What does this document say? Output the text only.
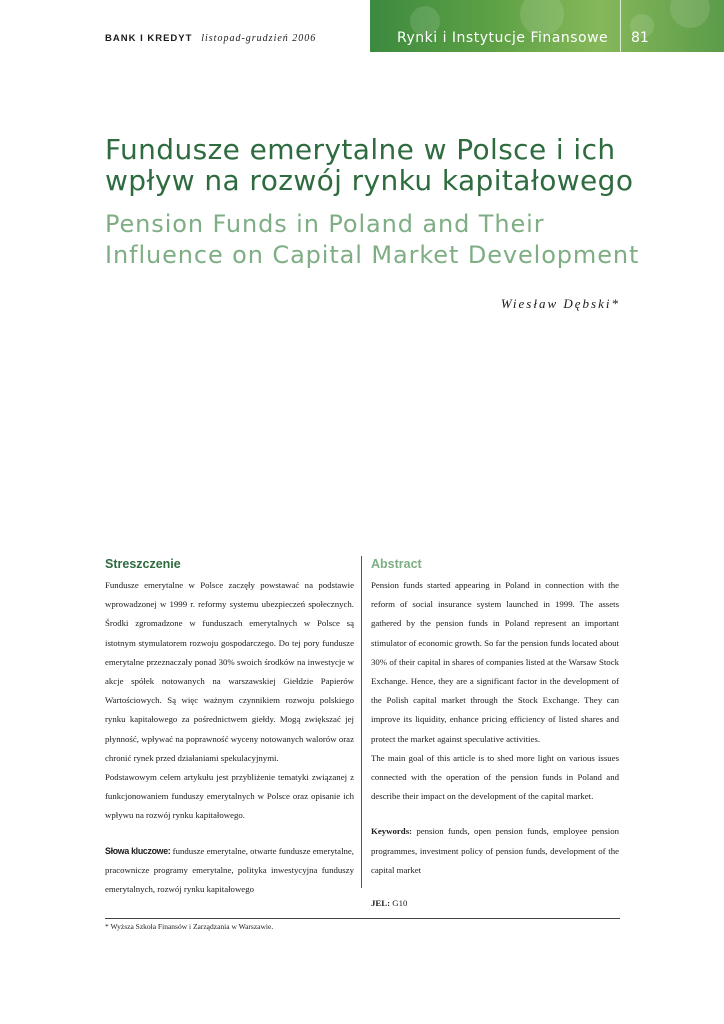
BANK I KREDYT listopad-grudzień 2006	Rynki i Instytucje Finansowe 81
Fundusze emerytalne w Polsce i ich wpływ na rozwój rynku kapitałowego
Pension Funds in Poland and Their Influence on Capital Market Development
Wiesław Dębski*
Streszczenie

Fundusze emerytalne w Polsce zaczęły powstawać na podstawie wprowadzonej w 1999 r. reformy systemu ubezpieczeń społecznych. Środki zgromadzone w funduszach emerytalnych w Polsce są istotnym stymulatorem rozwoju gospodarczego. Do tej pory fundusze emerytalne przeznaczały ponad 30% swoich środków na inwestycje w akcje spółek notowanych na warszawskiej Giełdzie Papierów Wartościowych. Są więc ważnym czynnikiem rozwoju polskiego rynku kapitałowego za pośrednictwem giełdy. Mogą zwiększać jej płynność, wpływać na poprawność wyceny notowanych walorów oraz chronić rynek przed działaniami spekulacyjnymi.

Podstawowym celem artykułu jest przybliżenie tematyki związanej z funkcjonowaniem funduszy emerytalnych w Polsce oraz opisanie ich wpływu na rozwój rynku kapitałowego.

Słowa kluczowe: fundusze emerytalne, otwarte fundusze emerytalne, pracownicze programy emerytalne, polityka inwestycyjna funduszy emerytalnych, rozwój rynku kapitałowego

Abstract

Pension funds started appearing in Poland in connection with the reform of social insurance system launched in 1999. The assets gathered by the pension funds in Poland represent an important stimulator of economic growth. So far the pension funds located about 30% of their capital in shares of companies listed at the Warsaw Stock Exchange. Hence, they are a significant factor in the development of the Polish capital market through the Stock Exchange. They can improve its liquidity, enhance pricing efficiency of listed shares and protect the market against speculative activities.

The main goal of this article is to shed more light on various issues connected with the operation of the pension funds in Poland and describe their impact on the development of the capital market.

Keywords: pension funds, open pension funds, employee pension programmes, investment policy of pension funds, development of the capital market

JEL: G10

* Wyższa Szkoła Finansów i Zarządzania w Warszawie.
